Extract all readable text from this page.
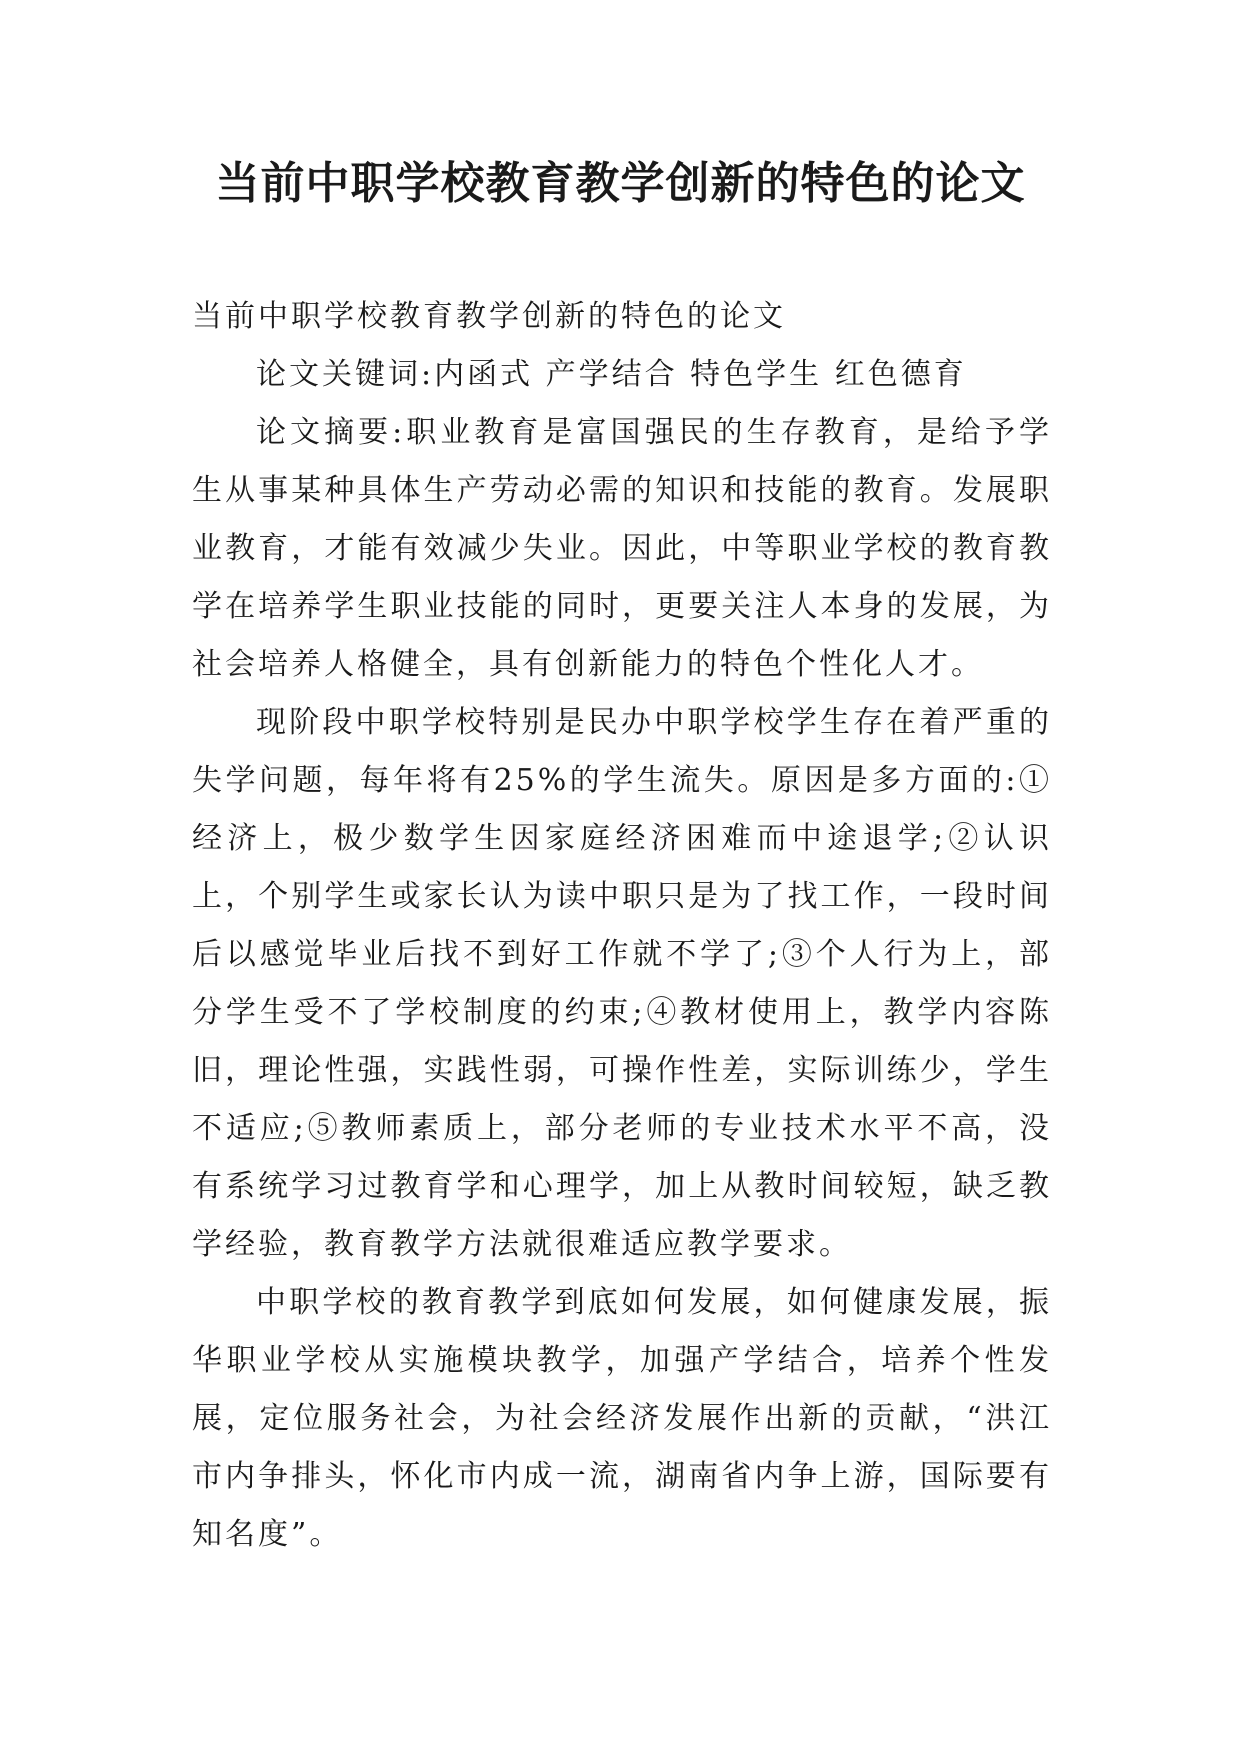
当前中职学校教育教学创新的特色的论文

当前中职学校教育教学创新的特色的论文

论文关键词:内函式 产学结合 特色学生 红色德育

论文摘要:职业教育是富国强民的生存教育，是给予学生从事某种具体生产劳动必需的知识和技能的教育。发展职业教育，才能有效减少失业。因此，中等职业学校的教育教学在培养学生职业技能的同时，更要关注人本身的发展，为社会培养人格健全，具有创新能力的特色个性化人才。

现阶段中职学校特别是民办中职学校学生存在着严重的失学问题，每年将有25%的学生流失。原因是多方面的:①经济上，极少数学生因家庭经济困难而中途退学;②认识上，个别学生或家长认为读中职只是为了找工作，一段时间后以感觉毕业后找不到好工作就不学了;③个人行为上，部分学生受不了学校制度的约束;④教材使用上，教学内容陈旧，理论性强，实践性弱，可操作性差，实际训练少，学生不适应;⑤教师素质上，部分老师的专业技术水平不高，没有系统学习过教育学和心理学，加上从教时间较短，缺乏教学经验，教育教学方法就很难适应教学要求。

中职学校的教育教学到底如何发展，如何健康发展，振华职业学校从实施模块教学，加强产学结合，培养个性发展，定位服务社会，为社会经济发展作出新的贡献，“洪江市内争排头，怀化市内成一流，湖南省内争上游，国际要有知名度”。
